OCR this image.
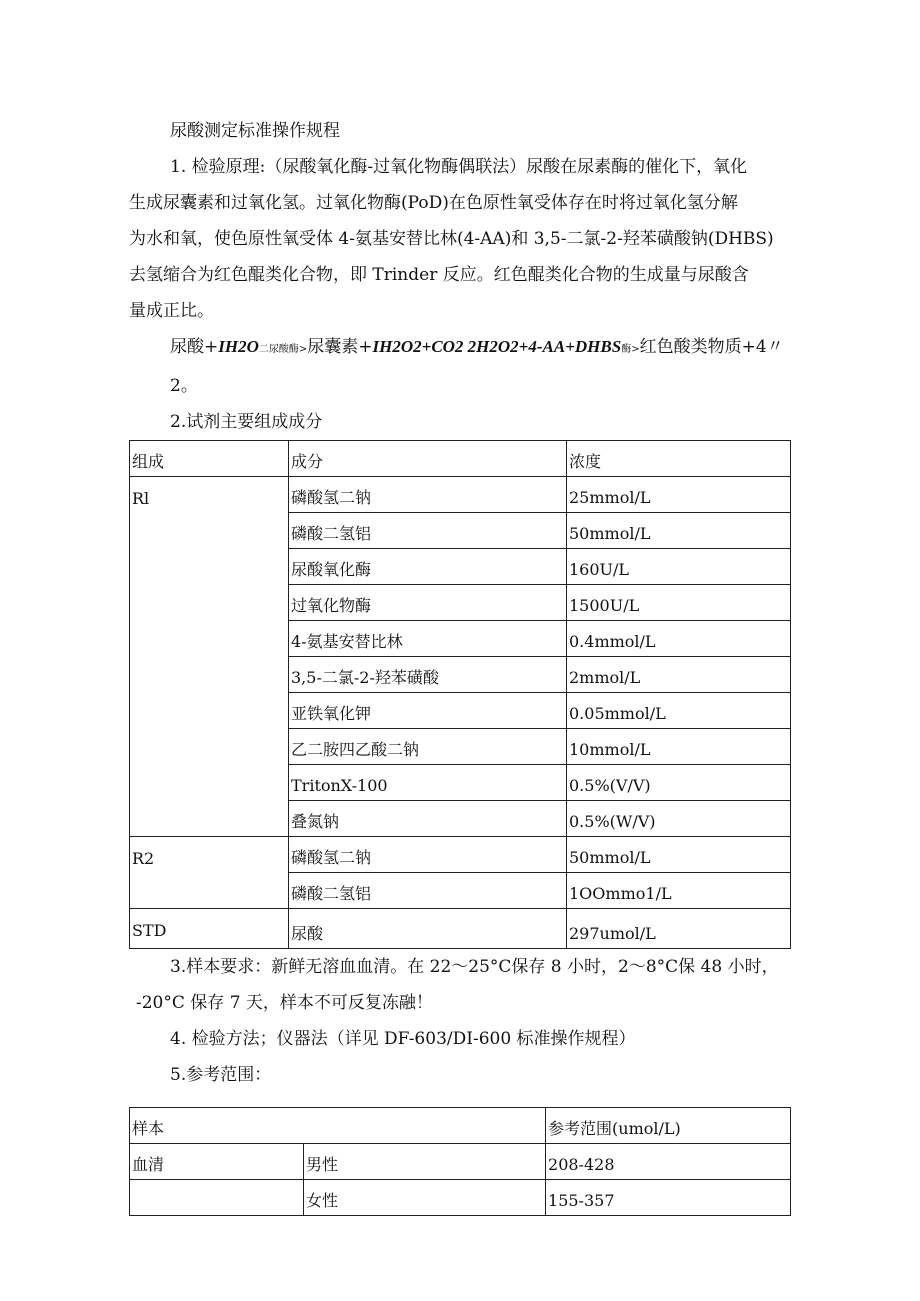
尿酸测定标准操作规程
1. 检验原理:（尿酸氧化酶-过氧化物酶偶联法）尿酸在尿素酶的催化下，氧化
生成尿囊素和过氧化氢。过氧化物酶(PoD)在色原性氧受体存在时将过氧化氢分解
为水和氧，使色原性氧受体 4-氨基安替比林(4-AA)和 3,5-二氯-2-羟苯磺酸钠(DHBS)
去氢缩合为红色醌类化合物，即 Trinder 反应。红色醌类化合物的生成量与尿酸含
量成正比。
尿酸+IH2O二尿酸酶>尿囊素+IH2O2+CO2 2H2O2+4-AA+DHBS酶>红色酸类物质+4〃2。
2.试剂主要组成成分
组成	成分	浓度
Rl	磷酸氢二钠	25mmol/L
	磷酸二氢铝	50mmol/L
	尿酸氧化酶	160U/L
	过氧化物酶	1500U/L
	4-氨基安替比林	0.4mmol/L
	3,5-二氯-2-羟苯磺酸	2mmol/L
	亚铁氧化钾	0.05mmol/L
	乙二胺四乙酸二钠	10mmol/L
	TritonX-100	0.5%(V/V)
	叠氮钠	0.5%(W/V)
R2	磷酸氢二钠	50mmol/L
	磷酸二氢铝	1OOmmo1/L
STD	尿酸	297umol/L
3.样本要求：新鲜无溶血血清。在 22～25°C保存 8 小时，2～8°C保 48 小时，
-20°C 保存 7 天，样本不可反复冻融！
4. 检验方法；仪器法（详见 DF-603/DI-600 标准操作规程）
5.参考范围：
样本		参考范围(umol/L)
血清	男性	208-428
	女性	155-357
